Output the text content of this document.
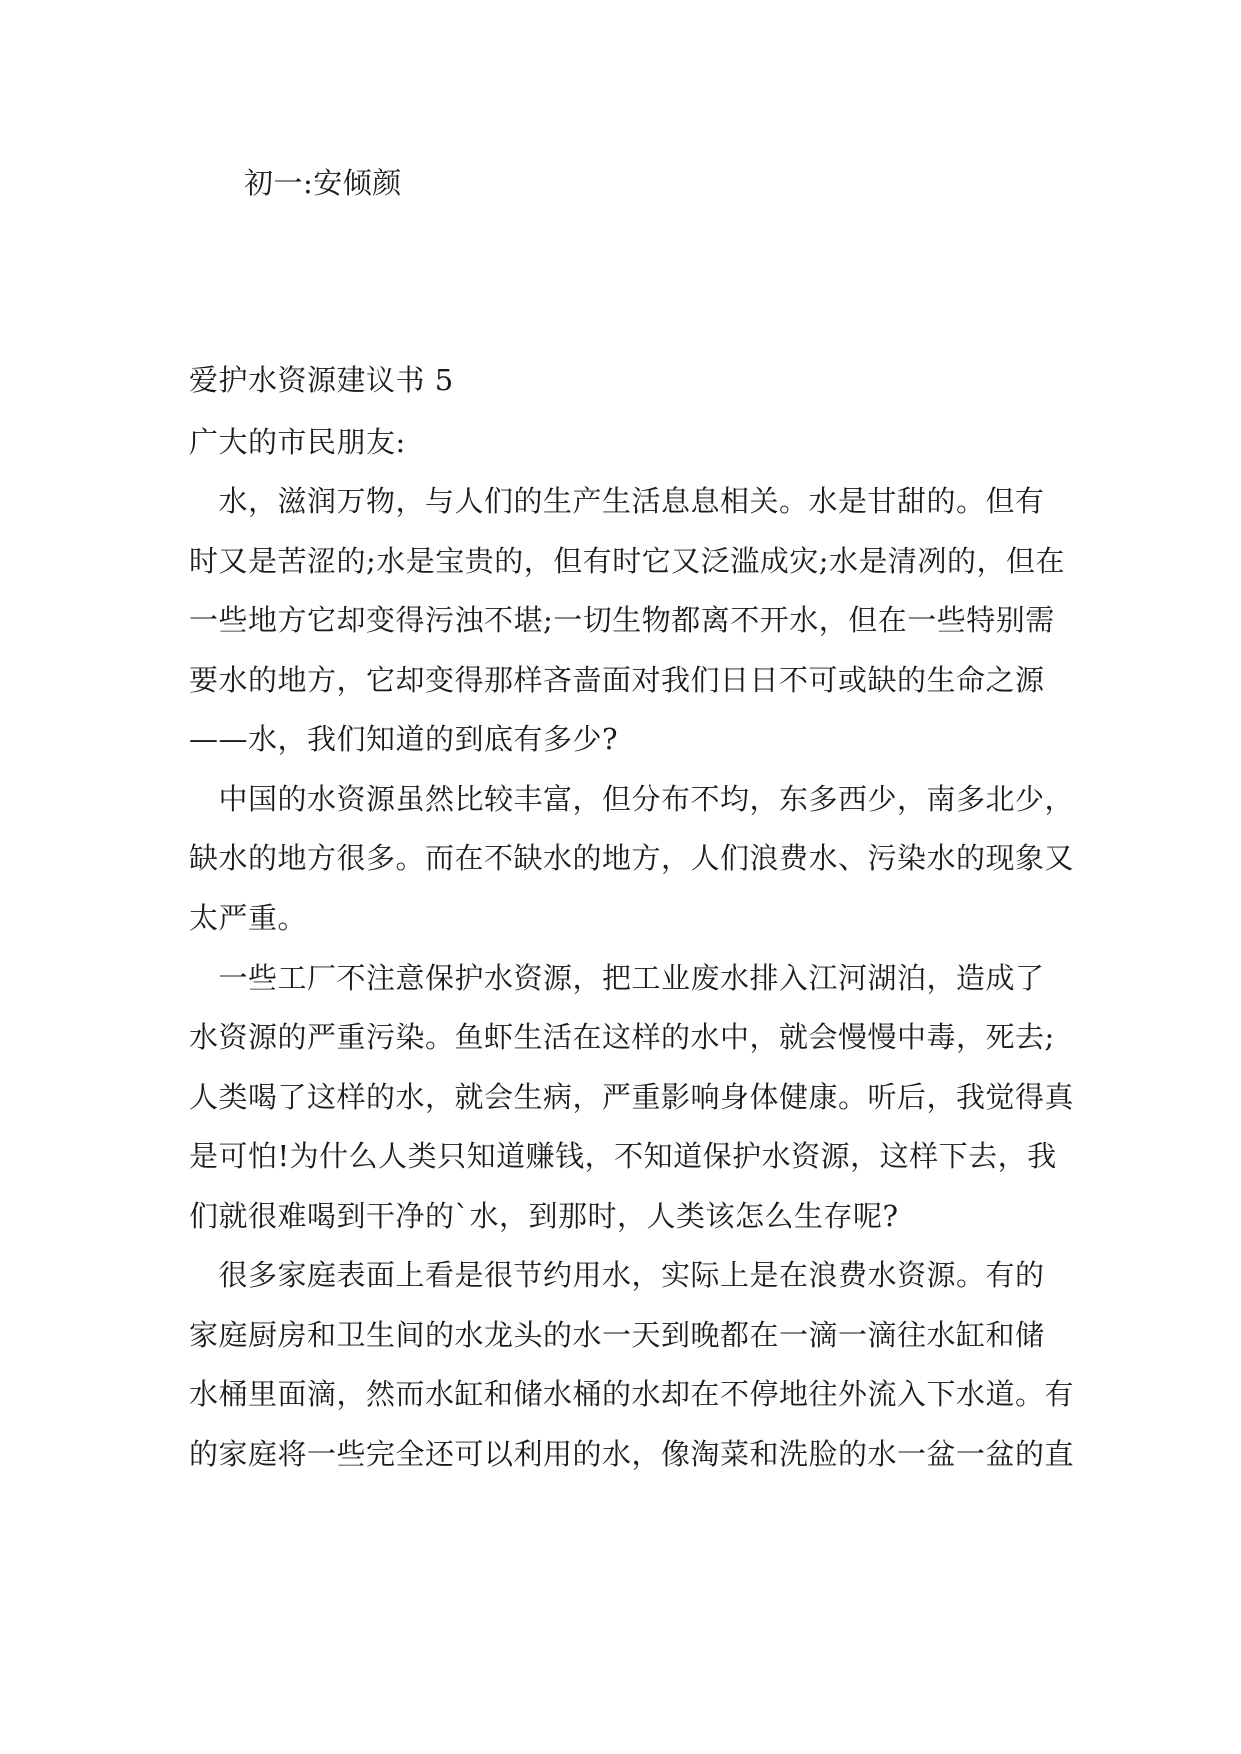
初一:安倾颜
爱护水资源建议书 5
广大的市民朋友:
　水，滋润万物，与人们的生产生活息息相关。水是甘甜的。但有
时又是苦涩的;水是宝贵的，但有时它又泛滥成灾;水是清冽的，但在
一些地方它却变得污浊不堪;一切生物都离不开水，但在一些特别需
要水的地方，它却变得那样吝啬面对我们日日不可或缺的生命之源
——水，我们知道的到底有多少?
　中国的水资源虽然比较丰富，但分布不均，东多西少，南多北少，
缺水的地方很多。而在不缺水的地方，人们浪费水、污染水的现象又
太严重。
　一些工厂不注意保护水资源，把工业废水排入江河湖泊，造成了
水资源的严重污染。鱼虾生活在这样的水中，就会慢慢中毒，死去;
人类喝了这样的水，就会生病，严重影响身体健康。听后，我觉得真
是可怕!为什么人类只知道赚钱，不知道保护水资源，这样下去，我
们就很难喝到干净的`水，到那时，人类该怎么生存呢?
　很多家庭表面上看是很节约用水，实际上是在浪费水资源。有的
家庭厨房和卫生间的水龙头的水一天到晚都在一滴一滴往水缸和储
水桶里面滴，然而水缸和储水桶的水却在不停地往外流入下水道。有
的家庭将一些完全还可以利用的水，像淘菜和洗脸的水一盆一盆的直
